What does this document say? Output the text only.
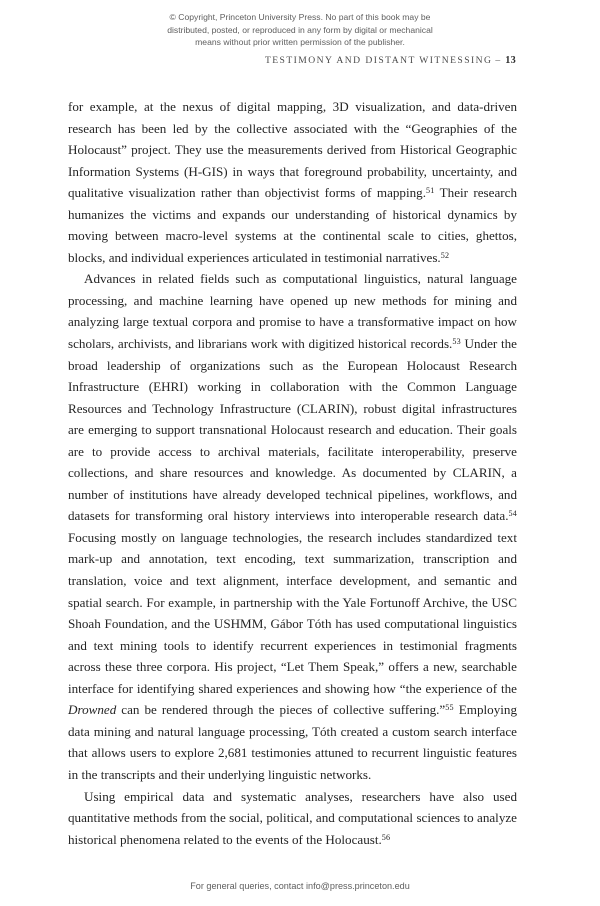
© Copyright, Princeton University Press. No part of this book may be
distributed, posted, or reproduced in any form by digital or mechanical
means without prior written permission of the publisher.
TESTIMONY AND DISTANT WITNESSING – 13

for example, at the nexus of digital mapping, 3D visualization, and data-driven research has been led by the collective associated with the “Geographies of the Holocaust” project. They use the measurements derived from Historical Geographic Information Systems (H-GIS) in ways that foreground probability, uncertainty, and qualitative visualization rather than objectivist forms of mapping.$^{51}$ Their research humanizes the victims and expands our understanding of historical dynamics by moving between macro-level systems at the continental scale to cities, ghettos, blocks, and individual experiences articulated in testimonial narratives.$^{52}$

Advances in related fields such as computational linguistics, natural language processing, and machine learning have opened up new methods for mining and analyzing large textual corpora and promise to have a transformative impact on how scholars, archivists, and librarians work with digitized historical records.$^{53}$ Under the broad leadership of organizations such as the European Holocaust Research Infrastructure (EHRI) working in collaboration with the Common Language Resources and Technology Infrastructure (CLARIN), robust digital infrastructures are emerging to support transnational Holocaust research and education. Their goals are to provide access to archival materials, facilitate interoperability, preserve collections, and share resources and knowledge. As documented by CLARIN, a number of institutions have already developed technical pipelines, workflows, and datasets for transforming oral history interviews into interoperable research data.$^{54}$ Focusing mostly on language technologies, the research includes standardized text mark-up and annotation, text encoding, text summarization, transcription and translation, voice and text alignment, interface development, and semantic and spatial search. For example, in partnership with the Yale Fortunoff Archive, the USC Shoah Foundation, and the USHMM, Gábor Tóth has used computational linguistics and text mining tools to identify recurrent experiences in testimonial fragments across these three corpora. His project, “Let Them Speak,” offers a new, searchable interface for identifying shared experiences and showing how “the experience of the Drowned can be rendered through the pieces of collective suffering.”$^{55}$ Employing data mining and natural language processing, Tóth created a custom search interface that allows users to explore 2,681 testimonies attuned to recurrent linguistic features in the transcripts and their underlying linguistic networks.

Using empirical data and systematic analyses, researchers have also used quantitative methods from the social, political, and computational sciences to analyze historical phenomena related to the events of the Holocaust.$^{56}$

For general queries, contact info@press.princeton.edu
